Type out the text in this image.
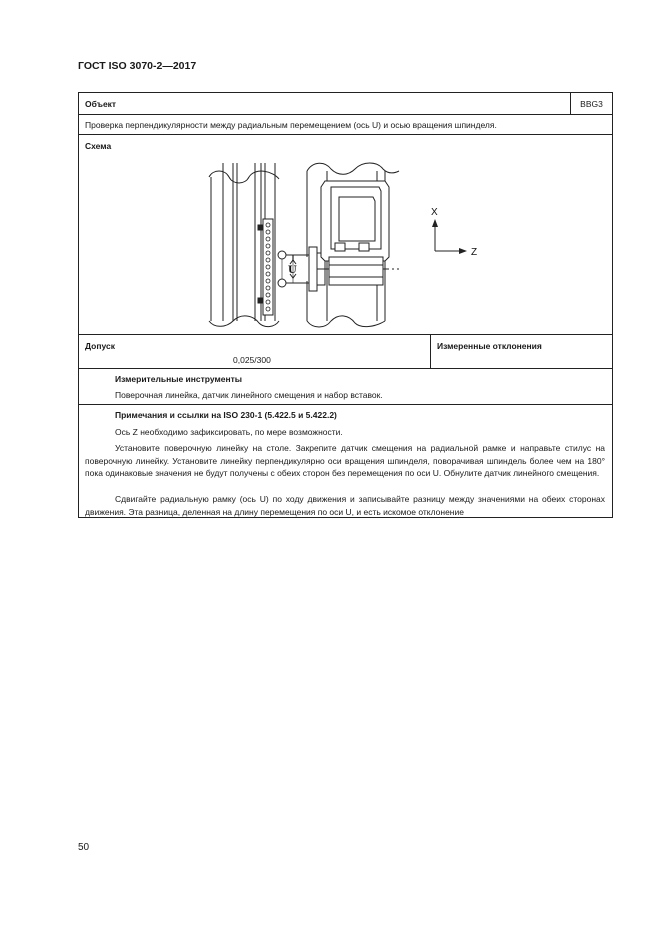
ГОСТ ISO 3070-2—2017
Объект	BBG3
Проверка перпендикулярности между радиальным перемещением (ось U) и осью вращения шпинделя.
Схема
U
X
Z
Допуск
0,025/300
Измеренные отклонения
Измерительные инструменты
Поверочная линейка, датчик линейного смещения и набор вставок.
Примечания и ссылки на ISO 230-1 (5.422.5 и 5.422.2)

Ось Z необходимо зафиксировать, по мере возможности.

Установите поверочную линейку на столе. Закрепите датчик смещения на радиальной рамке и направьте стилус на поверочную линейку. Установите линейку перпендикулярно оси вращения шпинделя, поворачивая шпиндель более чем на 180° пока одинаковые значения не будут получены с обеих сторон без перемещения по оси U. Обнулите датчик линейного смещения.

Сдвигайте радиальную рамку (ось U) по ходу движения и записывайте разницу между значениями на обеих сторонах движения. Эта разница, деленная на длину перемещения по оси U, и есть искомое отклонение

50
